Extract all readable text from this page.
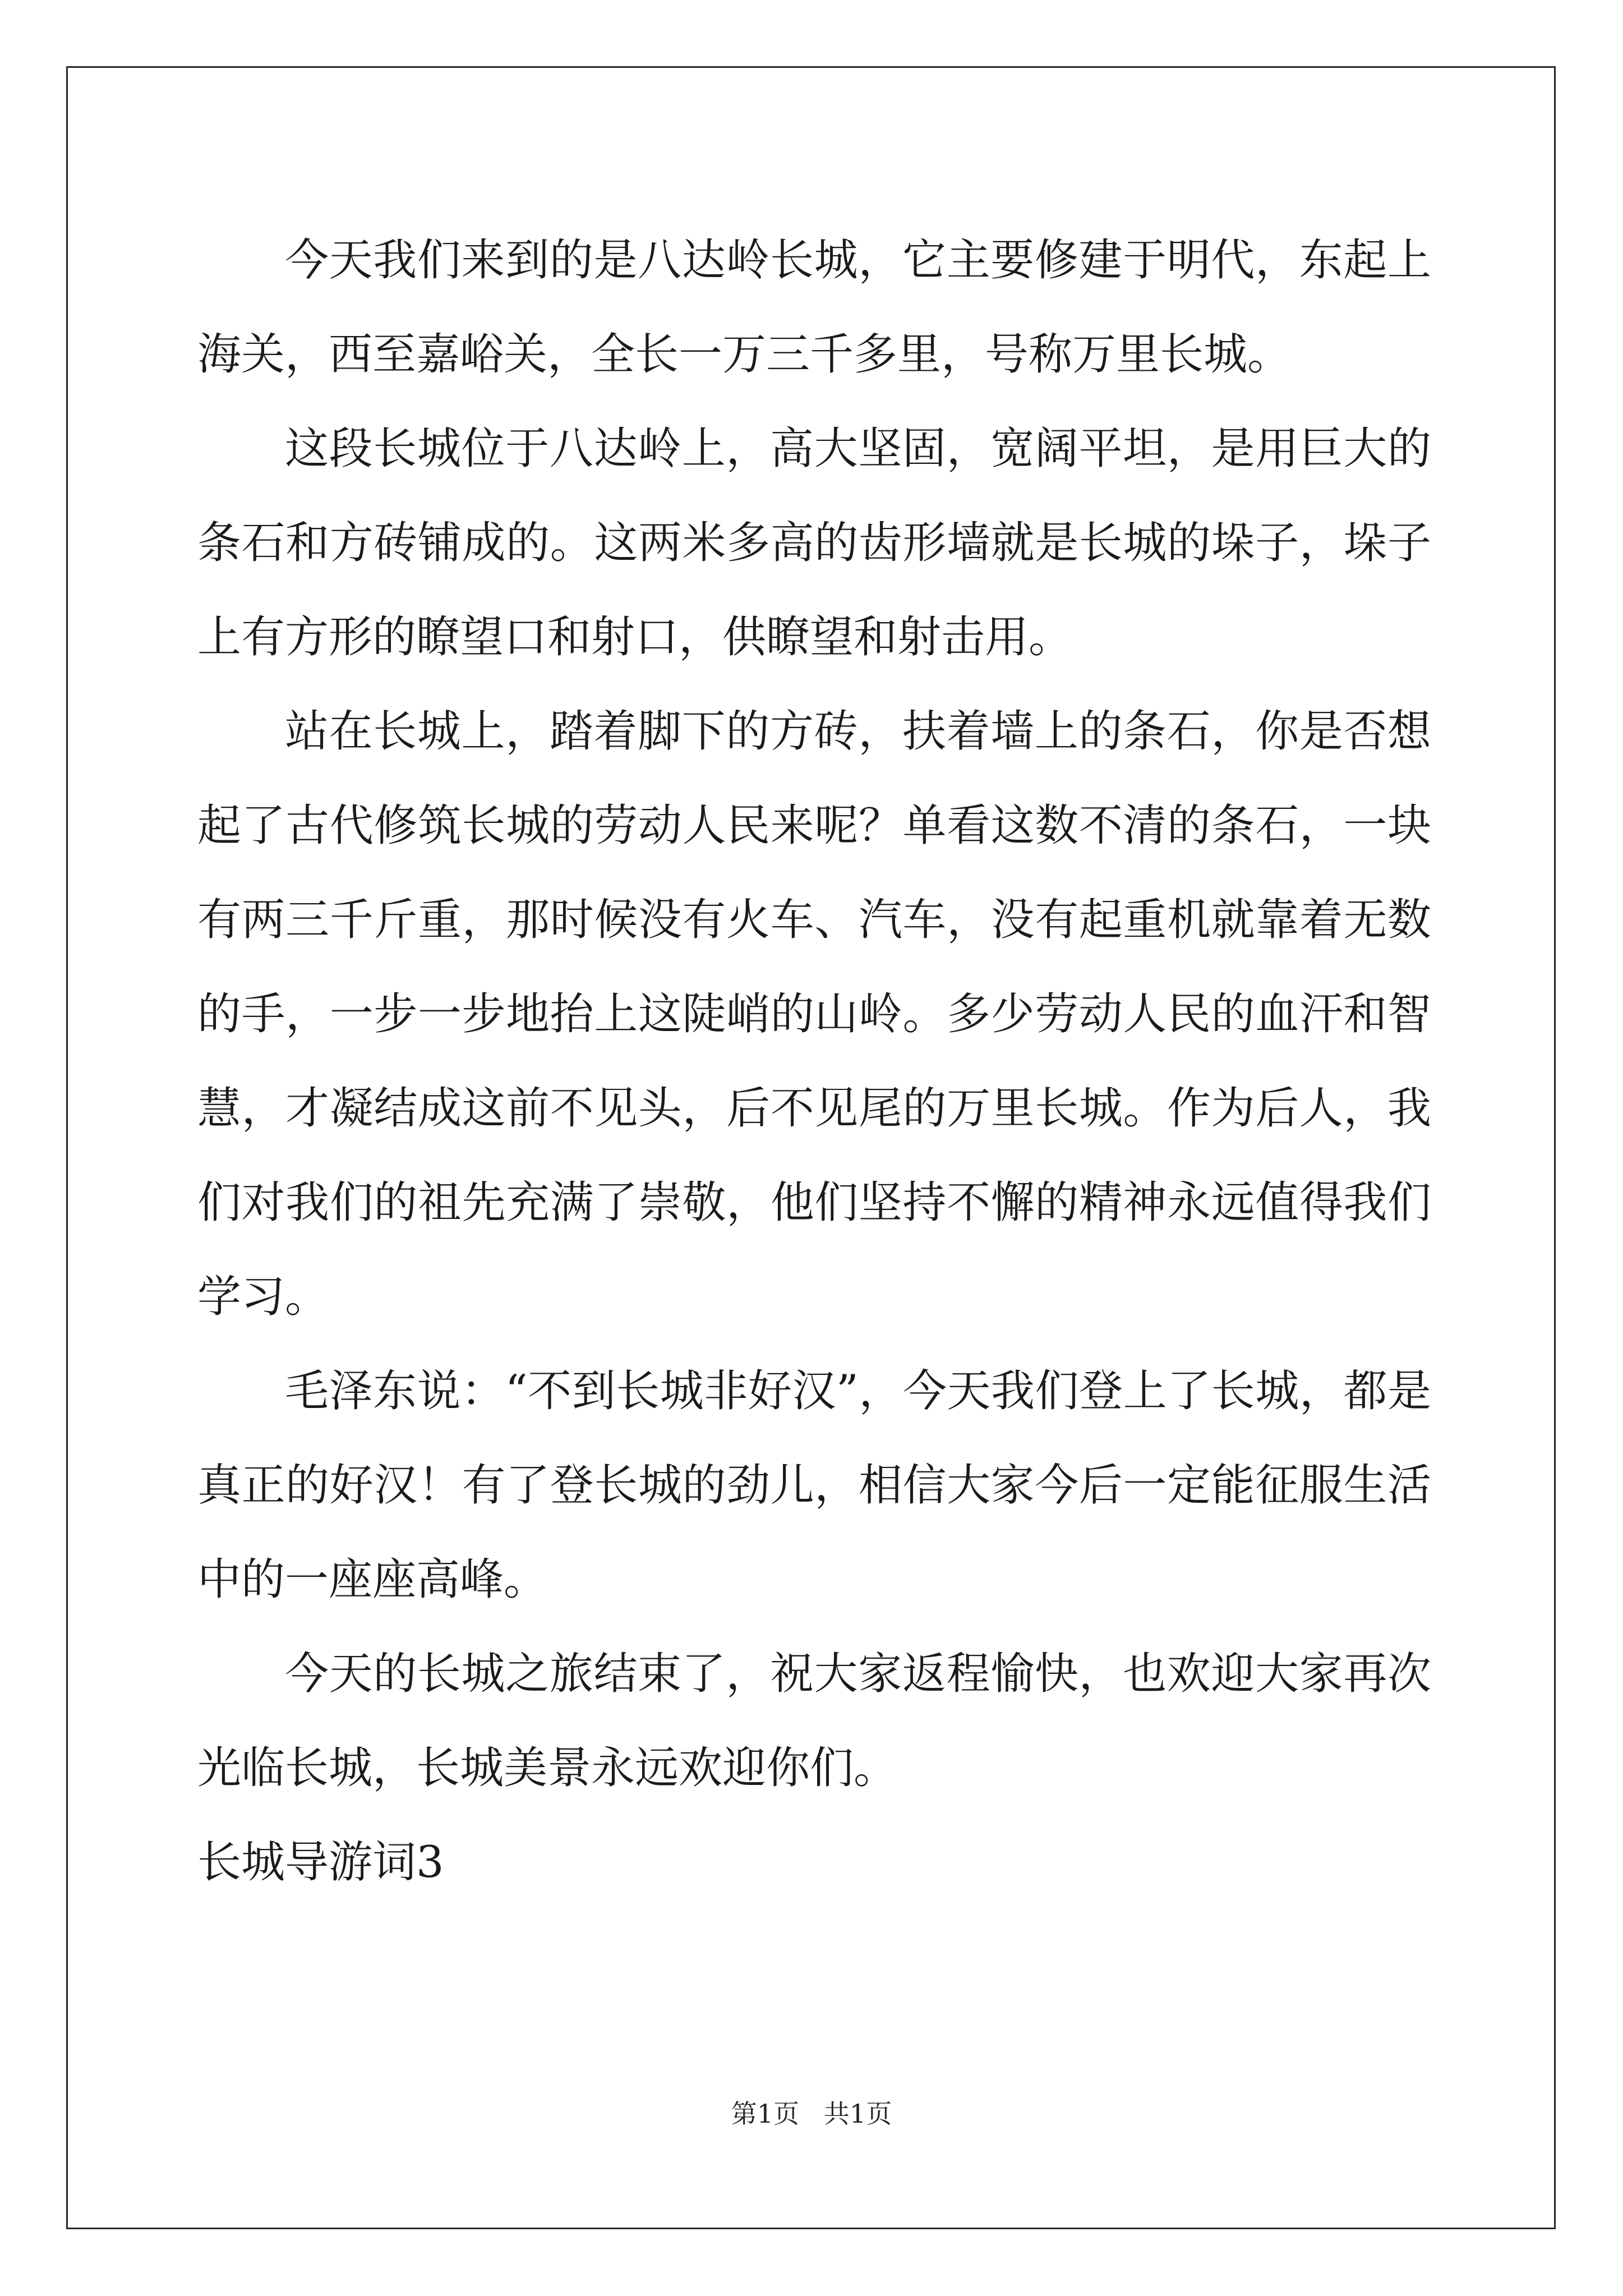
今天我们来到的是八达岭长城，它主要修建于明代，东起上海关，西至嘉峪关，全长一万三千多里，号称万里长城。

这段长城位于八达岭上，高大坚固，宽阔平坦，是用巨大的条石和方砖铺成的。这两米多高的齿形墙就是长城的垛子，垛子上有方形的瞭望口和射口，供瞭望和射击用。

站在长城上，踏着脚下的方砖，扶着墙上的条石，你是否想起了古代修筑长城的劳动人民来呢？单看这数不清的条石，一块有两三千斤重，那时候没有火车、汽车，没有起重机就靠着无数的手，一步一步地抬上这陡峭的山岭。多少劳动人民的血汗和智慧，才凝结成这前不见头，后不见尾的万里长城。作为后人，我们对我们的祖先充满了崇敬，他们坚持不懈的精神永远值得我们学习。

毛泽东说：“不到长城非好汉”，今天我们登上了长城，都是真正的好汉！有了登长城的劲儿，相信大家今后一定能征服生活中的一座座高峰。

今天的长城之旅结束了，祝大家返程愉快，也欢迎大家再次光临长城，长城美景永远欢迎你们。

长城导游词3

第1页   共1页
